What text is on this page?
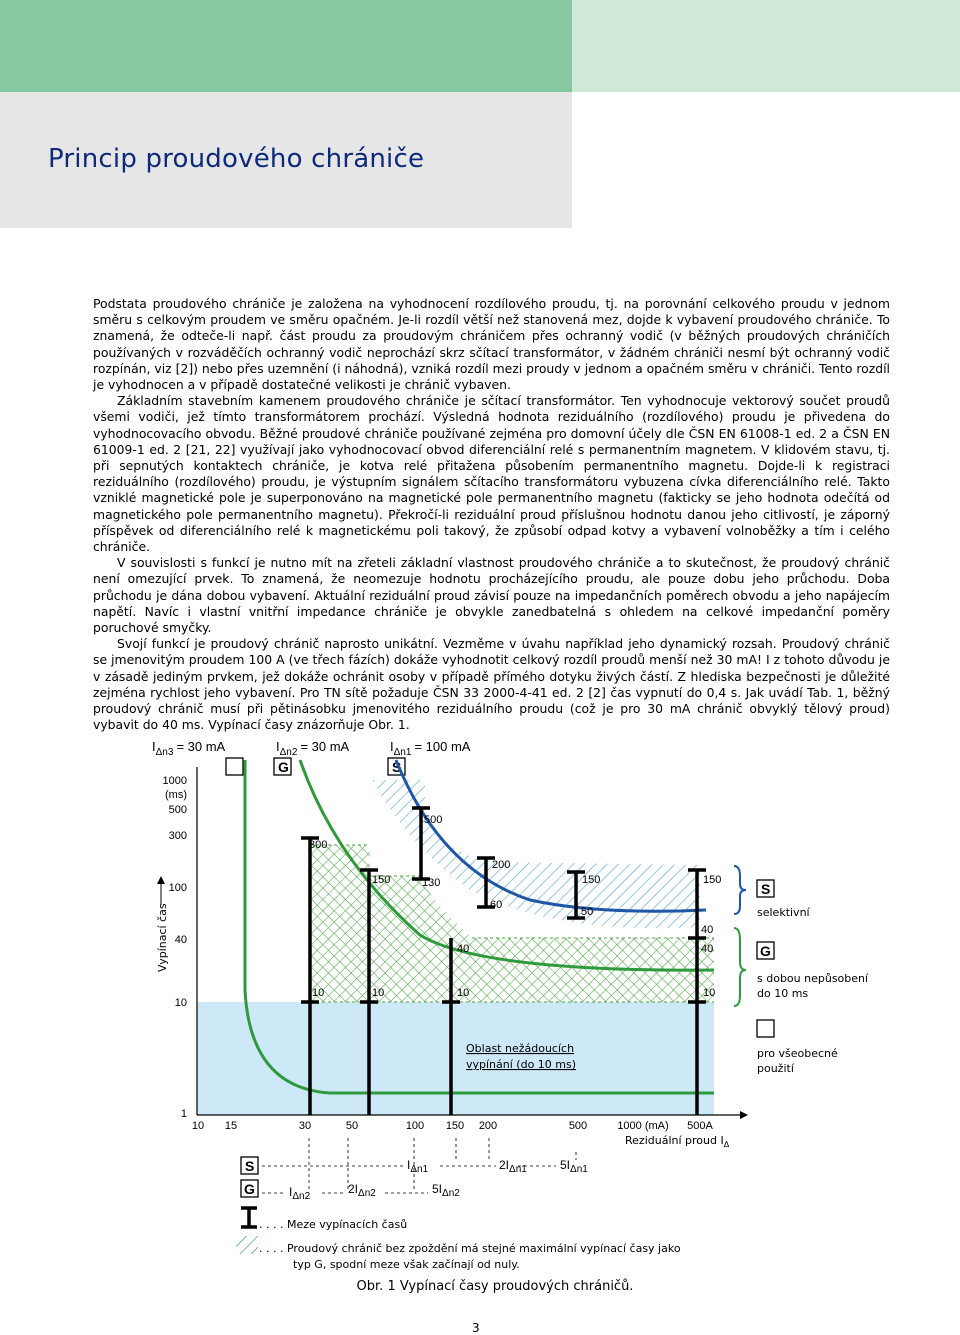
Princip proudového chrániče

Podstata proudového chrániče je založena na vyhodnocení rozdílového proudu, tj. na porovnání celkového proudu v jednom směru s celkovým proudem ve směru opačném. Je-li rozdíl větší než stanovená mez, dojde k vybavení proudového chrániče. To znamená, že odteče-li např. část proudu za proudovým chráničem přes ochranný vodič (v běžných proudových chráničích používaných v rozváděčích ochranný vodič neprochází skrz sčítací transformátor, v žádném chrániči nesmí být ochranný vodič rozpínán, viz [2]) nebo přes uzemnění (i náhodná), vzniká rozdíl mezi proudy v jednom a opačném směru v chrániči. Tento rozdíl je vyhodnocen a v případě dostatečné velikosti je chránič vybaven.

Základním stavebním kamenem proudového chrániče je sčítací transformátor. Ten vyhodnocuje vektorový součet proudů všemi vodiči, jež tímto transformátorem prochází. Výsledná hodnota reziduálního (rozdílového) proudu je přivedena do vyhodnocovacího obvodu. Běžné proudové chrániče používané zejména pro domovní účely dle ČSN EN 61008-1 ed. 2 a ČSN EN 61009-1 ed. 2 [21, 22] využívají jako vyhodnocovací obvod diferenciální relé s permanentním magnetem. V klidovém stavu, tj. při sepnutých kontaktech chrániče, je kotva relé přitažena působením permanentního magnetu. Dojde-li k registraci reziduálního (rozdílového) proudu, je výstupním signálem sčítacího transformátoru vybuzena cívka diferenciálního relé. Takto vzniklé magnetické pole je superponováno na magnetické pole permanentního magnetu (fakticky se jeho hodnota odečítá od magnetického pole permanentního magnetu). Překročí-li reziduální proud příslušnou hodnotu danou jeho citlivostí, je záporný příspěvek od diferenciálního relé k magnetickému poli takový, že způsobí odpad kotvy a vybavení volnoběžky a tím i celého chrániče.

V souvislosti s funkcí je nutno mít na zřeteli základní vlastnost proudového chrániče a to skutečnost, že proudový chránič není omezující prvek. To znamená, že neomezuje hodnotu procházejícího proudu, ale pouze dobu jeho průchodu. Doba průchodu je dána dobou vybavení. Aktuální reziduální proud závisí pouze na impedančních poměrech obvodu a jeho napájecím napětí. Navíc i vlastní vnitřní impedance chrániče je obvykle zanedbatelná s ohledem na celkové impedanční poměry poruchové smyčky.

Svojí funkcí je proudový chránič naprosto unikátní. Vezměme v úvahu například jeho dynamický rozsah. Proudový chránič se jmenovitým proudem 100 A (ve třech fázích) dokáže vyhodnotit celkový rozdíl proudů menší než 30 mA! I z tohoto důvodu je v zásadě jediným prvkem, jež dokáže ochránit osoby v případě přímého dotyku živých částí. Z hlediska bezpečnosti je důležité zejména rychlost jeho vybavení. Pro TN sítě požaduje ČSN 33 2000-4-41 ed. 2 [2] čas vypnutí do 0,4 s. Jak uvádí Tab. 1, běžný proudový chránič musí při pětinásobku jmenovitého reziduálního proudu (což je pro 30 mA chránič obvyklý tělový proud) vybavit do 40 ms. Vypínací časy znázorňuje Obr. 1.

$I_{\Delta n3} = 30$ mA	$I_{\Delta n2} = 30$ mA	$I_{\Delta n1} = 100$ mA
G	S
1000
(ms)
500
300
100
40
10
1
Vypínací čas
10 15	30	50	100 150 200	500	1000 (mA) 500A
Reziduální proud $I_\Delta$
500
300
150	130
200
60
150
50
150
40
40
10	10	10	10
40
Oblast nežádoucích
vypínání (do 10 ms)
S
selektivní
G
s dobou nepůsobení
do 10 ms
pro všeobecné
použití
S
G
$I_{\Delta n1}$	$2I_{\Delta n1}$	$5I_{\Delta n1}$
$I_{\Delta n2}$
$2I_{\Delta n2}$	$5I_{\Delta n2}$
. . . . Meze vypínacích časů
. . . . Proudový chránič bez zpoždění má stejné maximální vypínací časy jako
typ G, spodní meze však začínají od nuly.
Obr. 1 Vypínací časy proudových chráničů.
3
